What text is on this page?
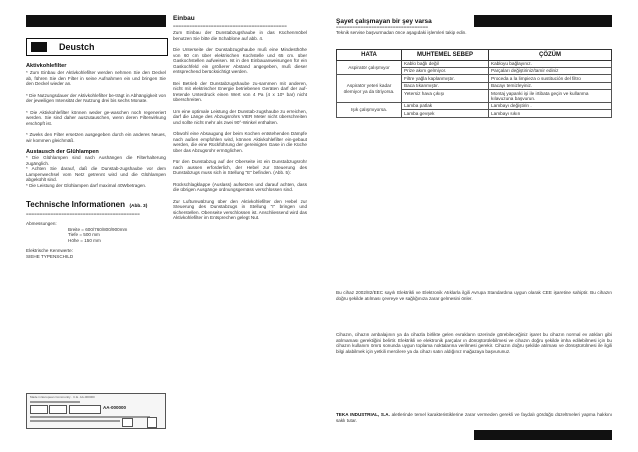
Deustch
Aktivkohlefilter

* Zum Einbau der Aktivkohlefilter werden nehmen Sie den Deckel ab, führen Sie den Filter in seine Aufnahmen ein und bringen Sie den Deckel wieder an.

* Die Nutzungsdauer der Aktivkohlefilter be-trägt in Abhängigkeit von der jeweiligen Intensität der Nutzung drei bis sechs Monate.

* Die Aktivkohlefilter können weder ge-waschen noch regeneriert werden. Sie sind daher auszutauschen, wenn deren Filterwirkung erschöpft ist.

* Zweks den Filter ersetzen ausgegeben durch ein anderes Neues, wir kommen gleichmäß.

Austausch der Glühlampen

* Die Glühlampen sind nach Aushängen die Filterhalterung zugänglich.

* Achten Sie darauf, daß die Dunstab-zugshaube vor dem Lampenwechsel vom Netz getrennt wird und die Glühlampen abgekühlt sind.

* Die Leistung der Glühlampen darf maximal 40Wbetragen.

Technische Informationen (Abb. 3)
==========================================

Abmessungen:

Breite = 600/760/800/900mm

Tiefe = 500 mm

Höhe = 150 mm

Elektrische Kennwerte:

SIEHE TYPENSCHILD

Made in European Community · C.E. AA-000000
AA-000000
Einbau
==========================================

Zum Einbau der Dunstabzugshaube in das Küchenmöbel benutzen Sie bitte die Schablone auf abb. 4.

Die Unterseite der Dunstabzugshaube muß eine Mindesthöhe von 60 cm über elektrischen Kochstelle und 65 cm. über Gaskochstellen aufweisen. Ist in den Einbauanweisungen für ein Gaskochfeld ein größerer Abstand angegeben, muß dieser entsprechend berücksichtigt werden.

Bei Betrieb der Dunstabzugshaube zu-sammen mit anderen, nicht mit elektrischer Energie betriebenen Geräten darf der auf-tretende Unterdruck einen Wert von 4 Pa (4 x 10⁵ bar) nicht überschreiten.

Um eine optimale Leistung der Dunstab-zugshaube zu erreichen, darf die Länge des Abzugsrohrs VIER Meter nicht überschreiten und sollte nicht mehr als zwei 90°-Winkel enthalten.

Obwohl eine Absaugung der beim Kochen entstehenden Dämpfe nach außen empfohlen wird, können Aktivkohlefilter ein-gebaut werden, die eine Rückführung der gereinigten Gase in die Küche über das Abzugsrohr ermöglichen.

Für den Dunstabzug auf der Oberseite ist ein Dunstabzugsrohr nach aussen erforderlich, der Hebel zur Steuerung des Dunstabzugs muss sich in Stellung "E" befinden. (Abb. 5):

Rückschlagklappe (Auslass) aufsetzen und darauf achten, dass die übrigen Ausgänge ordnungsgemäss verschlossen sind.

Zur Luftumwälzung über den Aktivkohlefilter den Hebel zur Steuerung des Dunstabzugs in Stellung "I" bringen und sicherstellen. Obenseite verschlossen ist. Anschliessend wird das Aktivkohlefilter im Entsprechen gelegt Nut.

Şayet çalışmayan bir şey varsa
==================================

Teknik servise başvurmadan önce aşagıdaki işlemleri takip edin.

HATA	MUHTEMEL SEBEP	ÇÖZÜM
Aspiratör çalışmıyor	Kablo bağlı değil	Kabloyu bağlayınız.
	Prize akım gelmiyor.	Parçaları değiştiriniz/tamir ediniz
Aspiratör yeteri kadar ölemiyor ya da titriyorsa.	Filtre yağla kaplanmıştır.	Proceda a la limpieza o sustitución del filtro
	Baca tıkanmıştır.	Bacayı temizleyiniz.
	Yetersiz hava çıkışı	Montaj yapanki işi ile irtibata geçin ve kullanma kılavuzuna başvurun.
Işık çalışmıyorsa.	Lamba patlak	Lambayı değiştirin .
	Lamba gevşek	Lambayı sıkın

Bu cihaz 2002/82/EEC sayılı Elektrikli ve Elektronik Atıklarla ilgili Avrupa Standardına uygun olarak CEE işaretine sahiptir. Bu cihazın doğru şekilde atılması çevreye ve sağlığınıza zarar gelmesini önler.

Cihazın, cihazın ambalajının ya da cihazla birlikte gelen evrakların üzerinde görebileceğiniz işaret bu cihazın normal ev atıkları gibi atılmaması gerektiğini belirtir. Elektrikli ve elektronik parçalar ın dönüştürülebilmesi ve cihazın doğru şekilde imha edilebilmesi için bu cihazın kullanım ömrü sonunda uygun toplama noktalarına verilmesi gerekir. Cihazın doğru şekilde atılması ve dönüştürülmesi ile ilgili bilgi alabilmek için yetkili mercilere ya da cihazı satın aldığınız mağazaya başvurunuz.

TEKA INDUSTRIAL, S.A. aletlerinde temel karakteristiklerine zarar vermeden gerekli ve faydalı gördüğü düzeltmeleri yapma hakkını saklı tutar.
